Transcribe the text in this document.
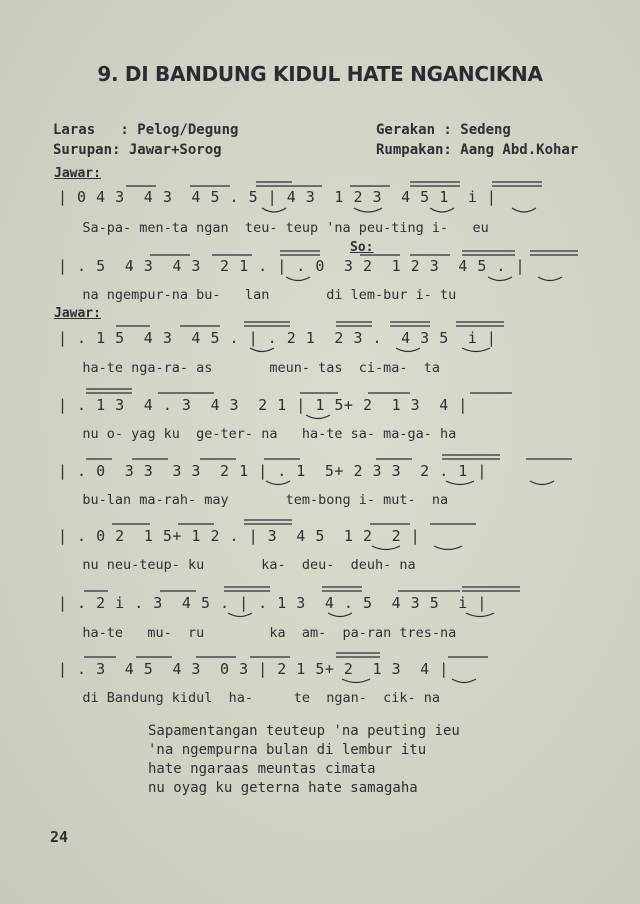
9. DI BANDUNG KIDUL HATE NGANCIKNA
Laras   : Pelog/Degung
Surupan: Jawar+Sorog
Gerakan : Sedeng
Rumpakan: Aang Abd.Kohar
Jawar:
So:
Jawar:
| 0 4 3  4 3  4 5 . 5 | 4 3  1 2 3  4 5 1  i |
Sa-pa- men-ta ngan  teu- teup 'na peu-ting i-   eu
| . 5  4 3  4 3  2 1 . | . 0  3 2  1 2 3  4 5 . |
na ngempur-na bu-   lan       di lem-bur i- tu
| . 1 5  4 3  4 5 . | . 2 1  2 3 .  4 3 5  i |
ha-te nga-ra- as       meun- tas  ci-ma-  ta
| . 1 3  4 . 3  4 3  2 1 | 1 5+ 2  1 3  4 |
nu o- yag ku  ge-ter- na   ha-te sa- ma-ga- ha
| . 0  3 3  3 3  2 1 | . 1  5+ 2 3 3  2 . 1 |
bu-lan ma-rah- may       tem-bong i- mut-  na
| . 0 2  1 5+ 1 2 . | 3  4 5  1 2  2 |
nu neu-teup- ku       ka-  deu-  deuh- na
| . 2 i . 3  4 5 . | . 1 3  4 . 5  4 3 5  i |
ha-te   mu-  ru        ka  am-  pa-ran tres-na
| . 3  4 5  4 3  0 3 | 2 1 5+ 2  1 3  4 |
di Bandung kidul  ha-     te  ngan-  cik- na
Sapamentangan teuteup 'na peuting ieu
'na ngempurna bulan di lembur itu
hate ngaraas meuntas cimata
nu oyag ku geterna hate samagaha
24
